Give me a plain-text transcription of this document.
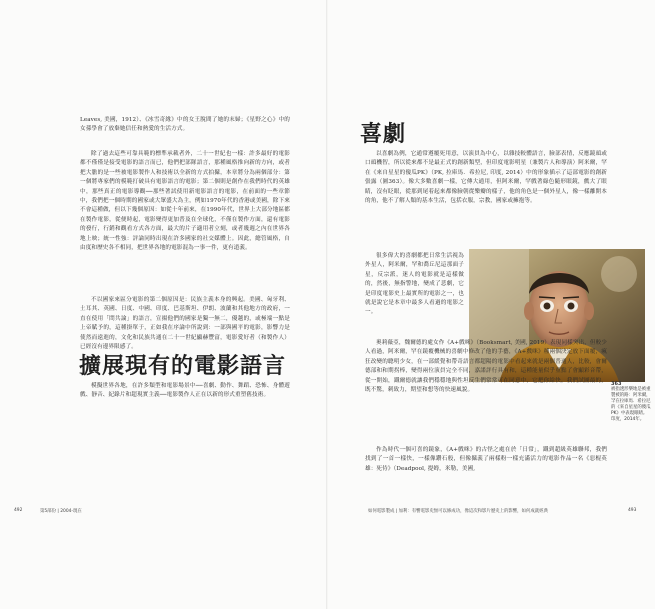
Leaves, 美國，1912）、《冰雪奇緣》中的女王脫間了她的末婦；《星野之心》中的女孫學會了放棄她信任和熱愛的生活方式。

除了過去這些可靠具範的標準承載者外，二十一世紀也一樣：許多最好的電影都不僅僅是接受電影的語言而已，他們把部隊語言，那種風格推向新的方向，或者把大膽的是一些被電影製作人和技術以全新的方式拍攝，本章將分為兩個部分：第一個將專家們的模範打破具有電影語言的電影；第二個則是創作在我們時代的英雄中，那些真正的電影導觀──那些著試使用新電影語言的電影，在前面的一些章節中，我們把一個時期的國家或大眾盛大為主，例如1970年代的香港或美國，除下來不會這種做，但以下幾個原因：如從十年前來，在1990年代，世界上大部分地區都在製作電影，從便時起，電影變得更加普及在全球化，不僅在製作方面，還有電影的發行，行銷和觀看方式各方面，最大的片子適用者立刻，或者幾週之內在世界各地上映；統一性強：評論同時出現在許多國家的社交媒體上。因此，總管風格，自由度和歷史各不相同，把世界各地的電影混為一事一件，更有道義。

不以國家來區分電影的第二個原因是：民族主義本身的興起。美國、匈牙利、土耳其、英國、日度、中國、印度、巴基斯坦、伊朗、波蘭和其他地方的政府，一直在使用「問共論」的語言，宣揚他們的國家是獨一無二，優越的，或極端一點是上帝賦予的，這種掛單于，正如我在序論中所說到：一部與國平的電影，影響力是使然而遠進的，文化和民族共通在二十一世紀顯赫豐富，電影愛好者（和製作人）已經沒有邊界限感了。

擴展現有的電影語言

模擬世界各地，在許多類型和電影場景中──喜劇、動作、舞蹈、恐怖、身體遊戲、靜音、紀錄片和超現實主義──電影製作人正在以新的形式重塑舊技術。

492	第5部份 | 2004-現在
喜劇

以喜劇為例，它通常遵覆死用意，以演員為中心，以雜技較體語言，臉部表情，反應鏡頭或口頭機智，所以從來都不是最正式的創新類型，但印度電影明星（兼製片人和導演）阿米爾，罕在《來自星星的傻瓜PK》（PK, 拉庫馬．希拉尼, 印度, 2014）中的形象插示了這部電影的創新張露（圖363）。像大多數喜劇一樣，它傳大通用，但阿米爾，罕戲著綠色隨形眼鏡，戲大了眼睛，沒有眨眼，從那到尾着起來都像臉朝從樂瓣的樣子，他的角色是一個外星人，像一樣離開本的角，他不了解人類的基本生活，包括衣服，宗教，國家或擁抱等。

很多偉大的喜劇都把日常生活視為外星人，阿米爾，罕和喬丘尼這那面子星，反宗派，迷人的電影就是這樣做的，然後，無指警地，變成了悲劇，它是印度電影史上最實所的電影之一，也就是說它是本章中最多人看過的電影之一。

奧莉薇亞，魏爾德的處女作《A+戲咪》（Booksmart, 美國, 2019）表現同樣突出，但較少人看過，阿米爾，罕在鏡覆機械的喜劇中修改了他的手藝，《A+戲咪》種兩個決定放下面覆，瘋狂改變的聰明少女，在一部緩覺和帶奇語言都超陽的電影中看起來就是兩個普通人，比較，會爾德部和和期拐棒，變得兩位演員完全不同，嘉諾評行具有和，這種能量似乎重點了會顯彩音帶，從一開始，鐵爾德就讓我們穩穩地與性坦反生們常常可在同意中，它把你給快，我們試圖最的，既不驚，刺致力，期望和想等的快速風貌。

作為時代一個可喜的鏡象，《A+戲咪》的古怪之處在於「日常」，鐵到超級英雄聯邦，我們找到了一首一樣快，一樣像鑽石般，但像攝義了兩樣粉一樣充滿活力的電影作品一名《惡棍英雄：死侍》（Deadpool, 提姆，米勒，美國,

363
被指透形樂地是被重製被的路：阿米爾，罕在拉庫馬．希拉尼的《來自星星的傻瓜PK》中表現眼睛。印度，2014年。
如何電影製成 | 加利：有響電影史無可以修成功，像這次和影片歷史上的影響，如何成就經典	493
